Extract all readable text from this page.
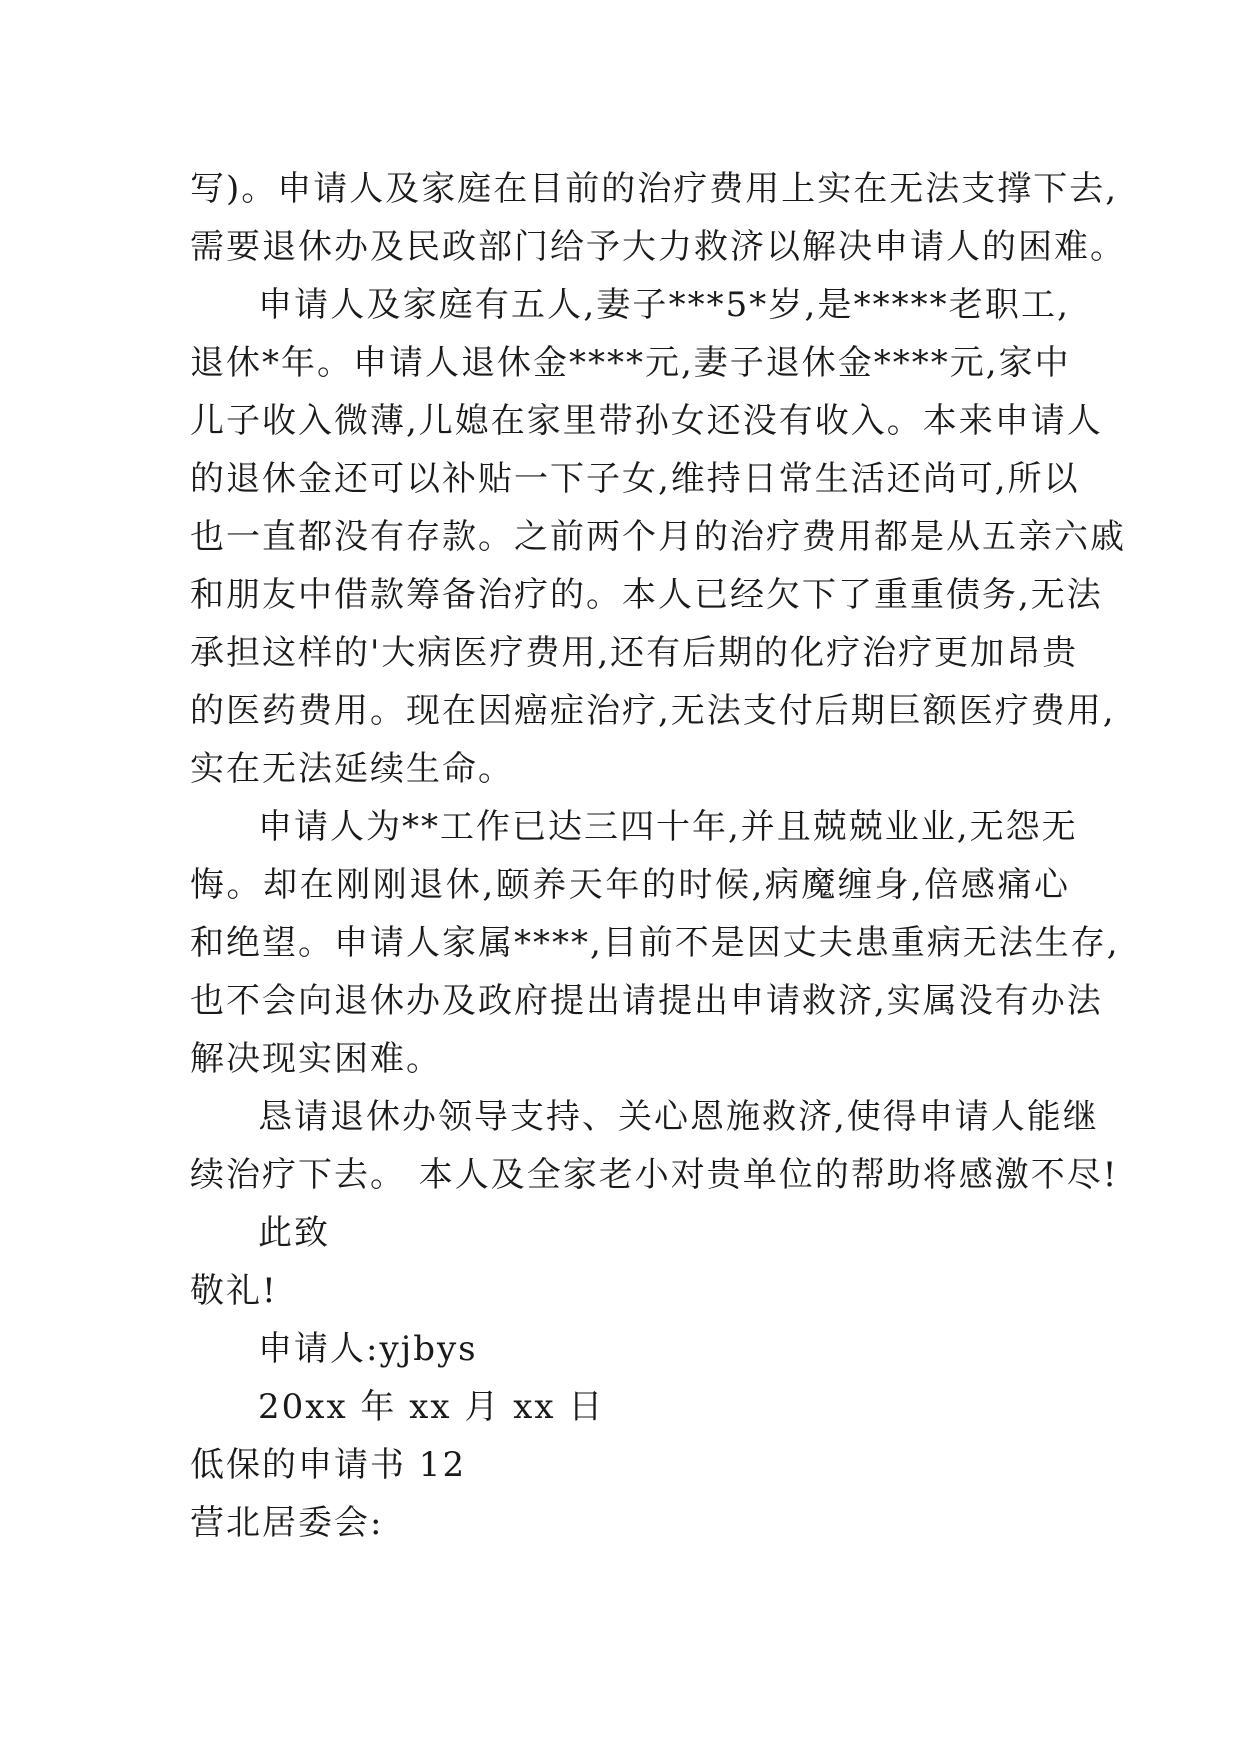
写)。申请人及家庭在目前的治疗费用上实在无法支撑下去,
需要退休办及民政部门给予大力救济以解决申请人的困难。
申请人及家庭有五人,妻子***5*岁,是*****老职工,
退休*年。申请人退休金****元,妻子退休金****元,家中
儿子收入微薄,儿媳在家里带孙女还没有收入。本来申请人
的退休金还可以补贴一下子女,维持日常生活还尚可,所以
也一直都没有存款。之前两个月的治疗费用都是从五亲六戚
和朋友中借款筹备治疗的。本人已经欠下了重重债务,无法
承担这样的'大病医疗费用,还有后期的化疗治疗更加昂贵
的医药费用。现在因癌症治疗,无法支付后期巨额医疗费用,
实在无法延续生命。
申请人为**工作已达三四十年,并且兢兢业业,无怨无
悔。却在刚刚退休,颐养天年的时候,病魔缠身,倍感痛心
和绝望。申请人家属****,目前不是因丈夫患重病无法生存,
也不会向退休办及政府提出请提出申请救济,实属没有办法
解决现实困难。
恳请退休办领导支持、关心恩施救济,使得申请人能继
续治疗下去。 本人及全家老小对贵单位的帮助将感激不尽!
此致
敬礼!
申请人:yjbys
20xx 年 xx 月 xx 日
低保的申请书 12
营北居委会:
